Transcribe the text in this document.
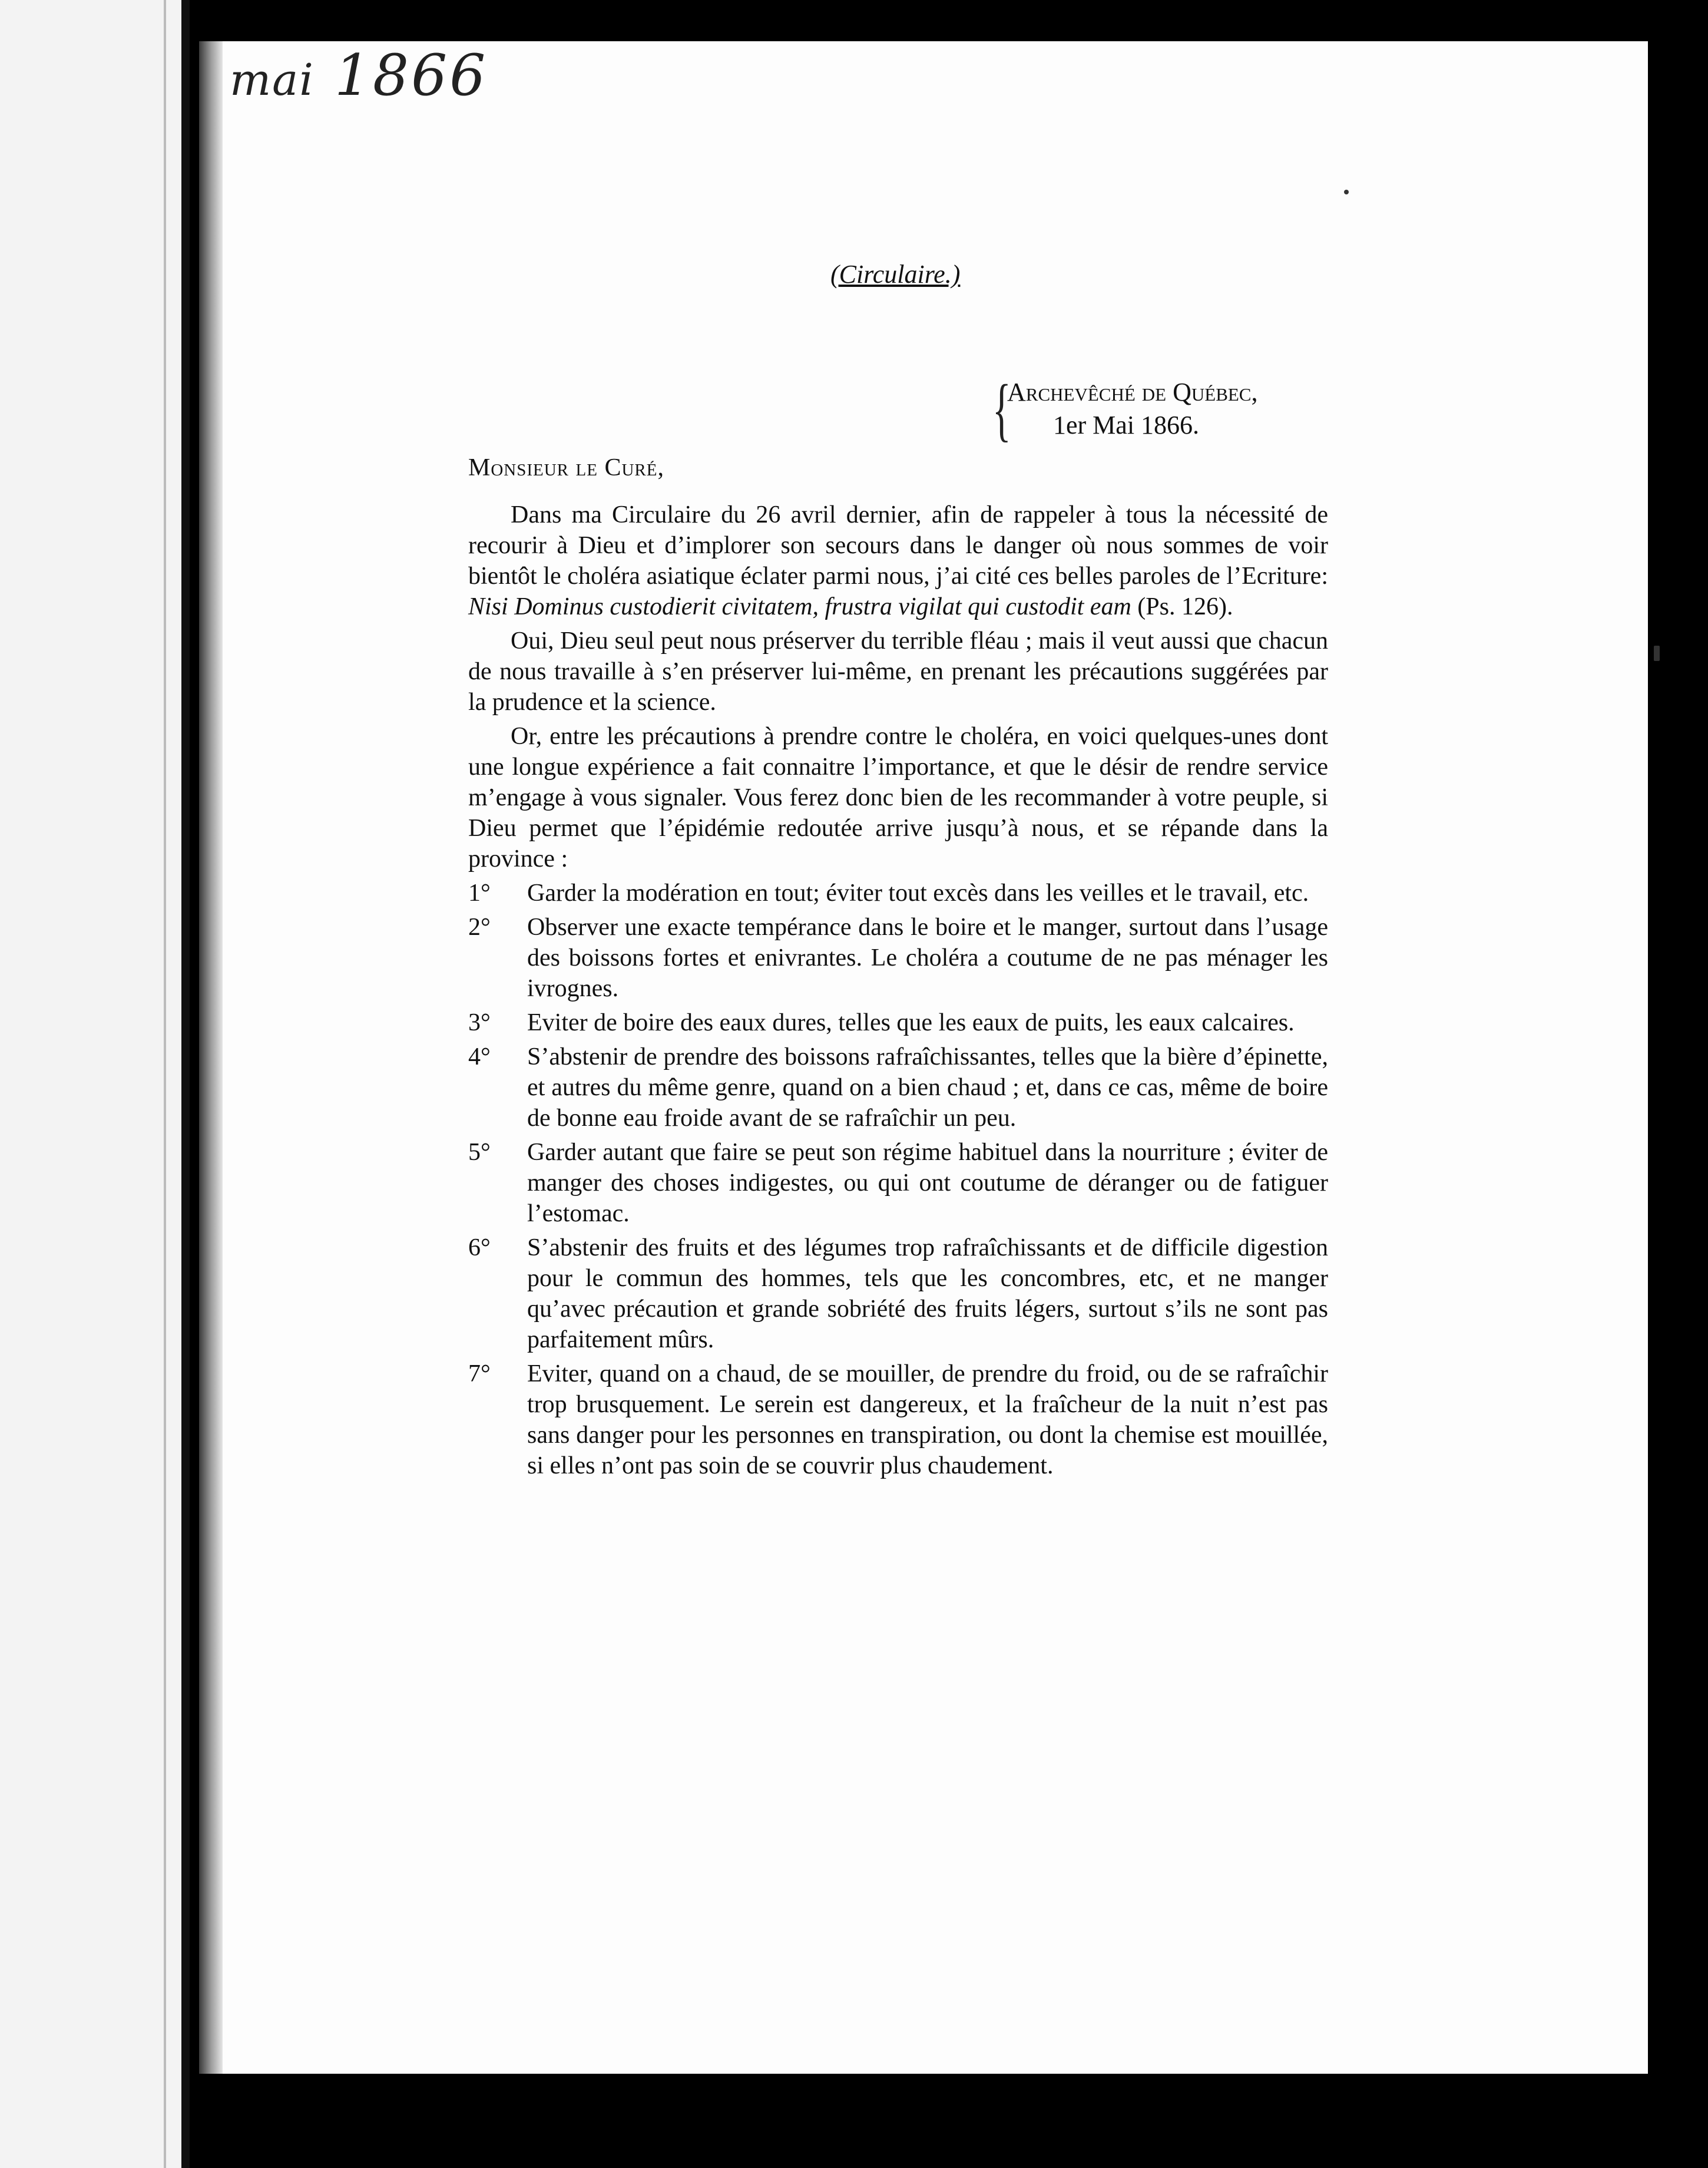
mai 1866
(Circulaire.)
{
Archevêché de Québec,
1er Mai 1866.
Monsieur le Curé,

Dans ma Circulaire du 26 avril dernier, afin de rappeler à tous la nécessité de recourir à Dieu et d’implorer son secours dans le danger où nous sommes de voir bientôt le choléra asiatique éclater parmi nous, j’ai cité ces belles paroles de l’Ecriture: Nisi Dominus custodierit civitatem, frustra vigilat qui custodit eam (Ps. 126).

Oui, Dieu seul peut nous préserver du terrible fléau ; mais il veut aussi que chacun de nous travaille à s’en préserver lui-même, en prenant les précautions suggérées par la prudence et la science.

Or, entre les précautions à prendre contre le choléra, en voici quelques-unes dont une longue expérience a fait connaitre l’importance, et que le désir de rendre service m’engage à vous signaler. Vous ferez donc bien de les recommander à votre peuple, si Dieu permet que l’épidémie redoutée arrive jusqu’à nous, et se répande dans la province :

1°	Garder la modération en tout; éviter tout excès dans les veilles et le travail, etc.
2°	Observer une exacte tempérance dans le boire et le manger, surtout dans l’usage des boissons fortes et enivrantes. Le choléra a coutume de ne pas ménager les ivrognes.
3°	Eviter de boire des eaux dures, telles que les eaux de puits, les eaux calcaires.
4°	S’abstenir de prendre des boissons rafraîchissantes, telles que la bière d’épinette, et autres du même genre, quand on a bien chaud ; et, dans ce cas, même de boire de bonne eau froide avant de se rafraîchir un peu.
5°	Garder autant que faire se peut son régime habituel dans la nourriture ; éviter de manger des choses indigestes, ou qui ont coutume de déranger ou de fatiguer l’estomac.
6°	S’abstenir des fruits et des légumes trop rafraîchissants et de difficile digestion pour le commun des hommes, tels que les concombres, etc, et ne manger qu’avec précaution et grande sobriété des fruits légers, surtout s’ils ne sont pas parfaitement mûrs.
7°	Eviter, quand on a chaud, de se mouiller, de prendre du froid, ou de se rafraîchir trop brusquement. Le serein est dangereux, et la fraîcheur de la nuit n’est pas sans danger pour les personnes en transpiration, ou dont la chemise est mouillée, si elles n’ont pas soin de se couvrir plus chaudement.
